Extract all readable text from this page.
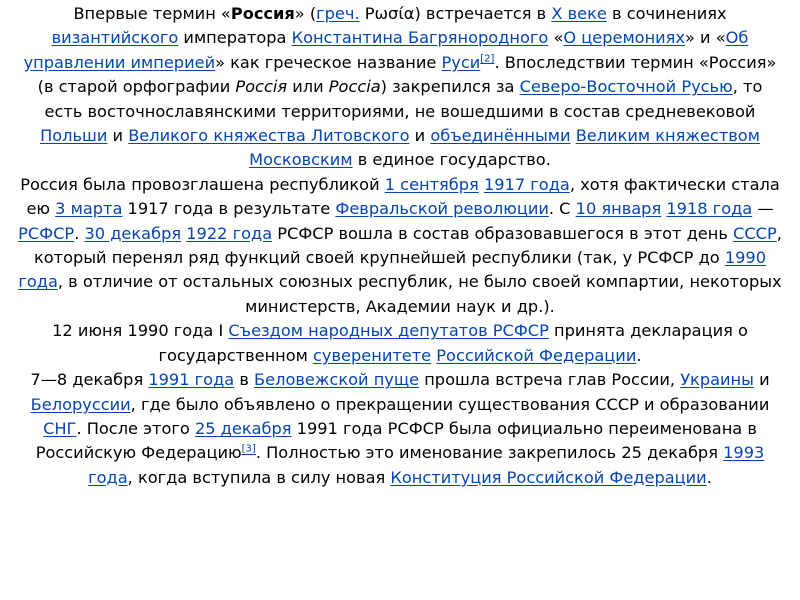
Впервые термин «Россия» (греч. Ρωσία) встречается в X веке в сочинениях византийского императора Константина Багрянородного «О церемониях» и «Об управлении империей» как греческое название Руси[2]. Впоследствии термин «Россия» (в старой орфографии Россія или Россіа) закрепился за Северо-Восточной Русью, то есть восточнославянскими территориями, не вошедшими в состав средневековой Польши и Великого княжества Литовского и объединёнными Великим княжеством Московским в единое государство.
Россия была провозглашена республикой 1 сентября 1917 года, хотя фактически стала ею 3 марта 1917 года в результате Февральской революции. С 10 января 1918 года —РСФСР. 30 декабря 1922 года РСФСР вошла в состав образовавшегося в этот день СССР, который перенял ряд функций своей крупнейшей республики (так, у РСФСР до 1990 года, в отличие от остальных союзных республик, не было своей компартии, некоторых министерств, Академии наук и др.).
12 июня 1990 года I Съездом народных депутатов РСФСР принята декларация о государственном суверенитете Российской Федерации.
7—8 декабря 1991 года в Беловежской пуще прошла встреча глав России, Украины и Белоруссии, где было объявлено о прекращении существования СССР и образовании СНГ. После этого 25 декабря 1991 года РСФСР была официально переименована в Российскую Федерацию[3]. Полностью это именование закрепилось 25 декабря 1993 года, когда вступила в силу новая Конституция Российской Федерации.
